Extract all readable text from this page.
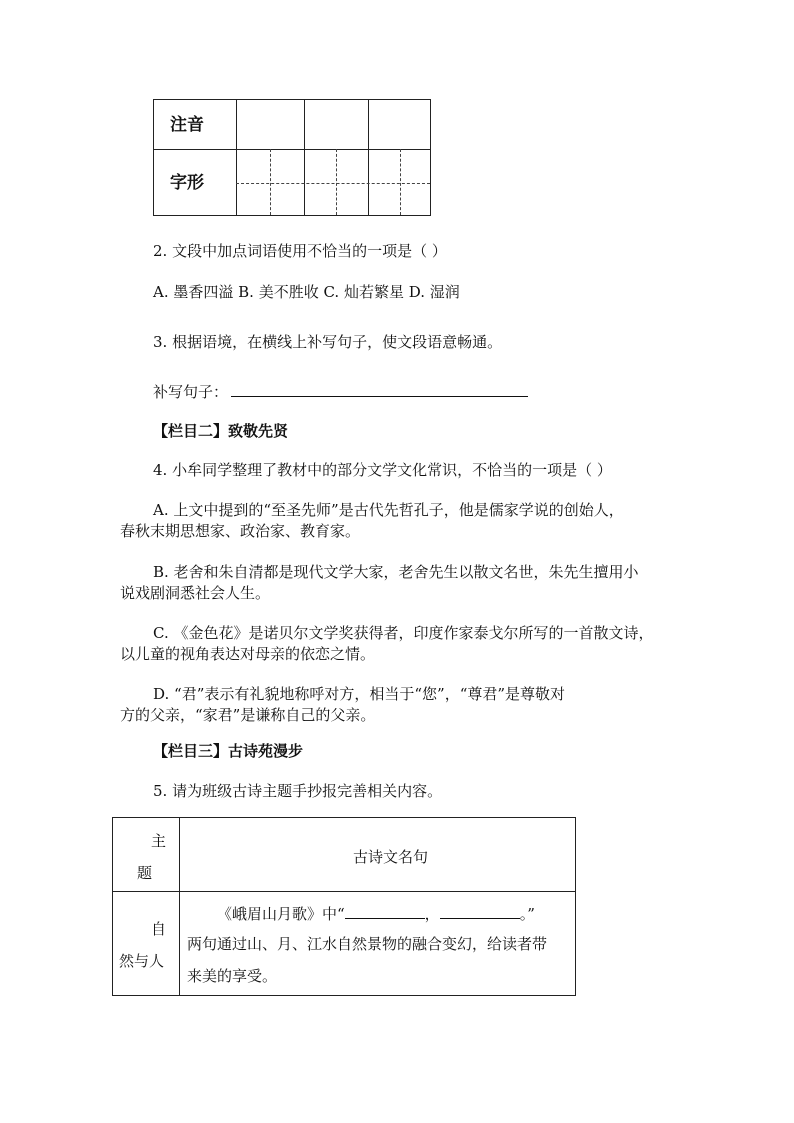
注音
字形
2. 文段中加点词语使用不恰当的一项是（ ）
A. 墨香四溢 B. 美不胜收 C. 灿若繁星 D. 湿润
3. 根据语境，在横线上补写句子，使文段语意畅通。
补写句子：
【栏目二】致敬先贤
4. 小牟同学整理了教材中的部分文学文化常识，不恰当的一项是（ ）
A. 上文中提到的“至圣先师”是古代先哲孔子，他是儒家学说的创始人，
春秋末期思想家、政治家、教育家。
B. 老舍和朱自清都是现代文学大家，老舍先生以散文名世，朱先生擅用小
说戏剧洞悉社会人生。
C. 《金色花》是诺贝尔文学奖获得者，印度作家泰戈尔所写的一首散文诗，
以儿童的视角表达对母亲的依恋之情。
D. “君”表示有礼貌地称呼对方，相当于“您”，“尊君”是尊敬对
方的父亲，“家君”是谦称自己的父亲。
【栏目三】古诗苑漫步
5. 请为班级古诗主题手抄报完善相关内容。
主
题
古诗文名句
自
然与人
《峨眉山月歌》中“	，	。”
两句通过山、月、江水自然景物的融合变幻，给读者带
来美的享受。
